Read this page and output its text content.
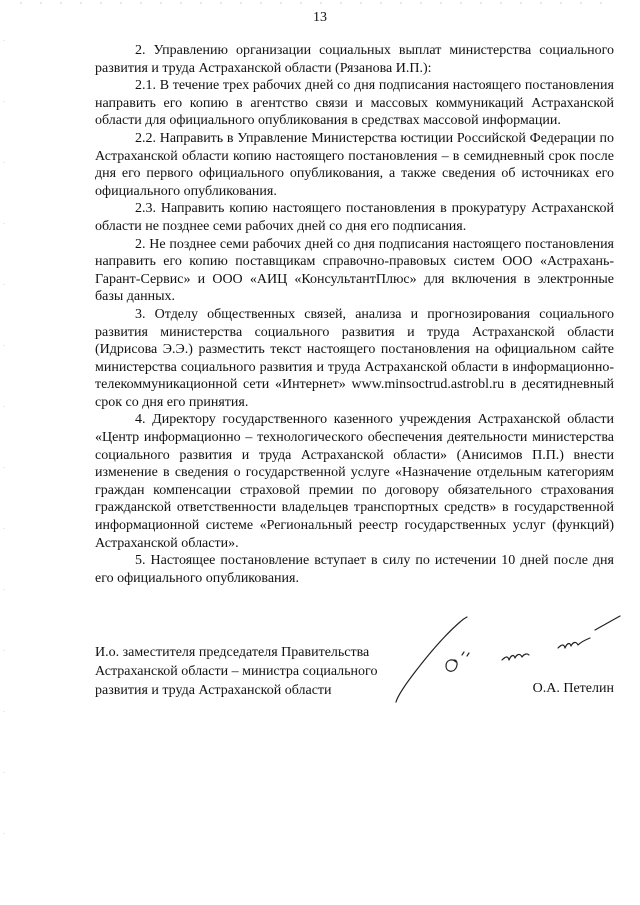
13

2. Управлению организации социальных выплат министерства социального развития и труда Астраханской области (Рязанова И.П.):

2.1. В течение трех рабочих дней со дня подписания настоящего постановления направить его копию в агентство связи и массовых коммуникаций Астраханской области для официального опубликования в средствах массовой информации.

2.2. Направить в Управление Министерства юстиции Российской Федерации по Астраханской области копию настоящего постановления – в семидневный срок после дня его первого официального опубликования, а также сведения об источниках его официального опубликования.

2.3. Направить копию настоящего постановления в прокуратуру Астраханской области не позднее семи рабочих дней со дня его подписания.

2. Не позднее семи рабочих дней со дня подписания настоящего постановления направить его копию поставщикам справочно-правовых систем ООО «Астрахань-Гарант-Сервис» и ООО «АИЦ «КонсультантПлюс» для включения в электронные базы данных.

3. Отделу общественных связей, анализа и прогнозирования социального развития министерства социального развития и труда Астраханской области (Идрисова Э.Э.) разместить текст настоящего постановления на официальном сайте министерства социального развития и труда Астраханской области в информационно-телекоммуникационной сети «Интернет» www.minsoctrud.astrobl.ru в десятидневный срок со дня его принятия.

4. Директору государственного казенного учреждения Астраханской области «Центр информационно – технологического обеспечения деятельности министерства социального развития и труда Астраханской области» (Анисимов П.П.) внести изменение в сведения о государственной услуге «Назначение отдельным категориям граждан компенсации страховой премии по договору обязательного страхования гражданской ответственности владельцев транспортных средств» в государственной информационной системе «Региональный реестр государственных услуг (функций) Астраханской области».

5. Настоящее постановление вступает в силу по истечении 10 дней после дня его официального опубликования.

И.о. заместителя председателя Правительства
Астраханской области – министра социального
развития и труда Астраханской области	О.А. Петелин
